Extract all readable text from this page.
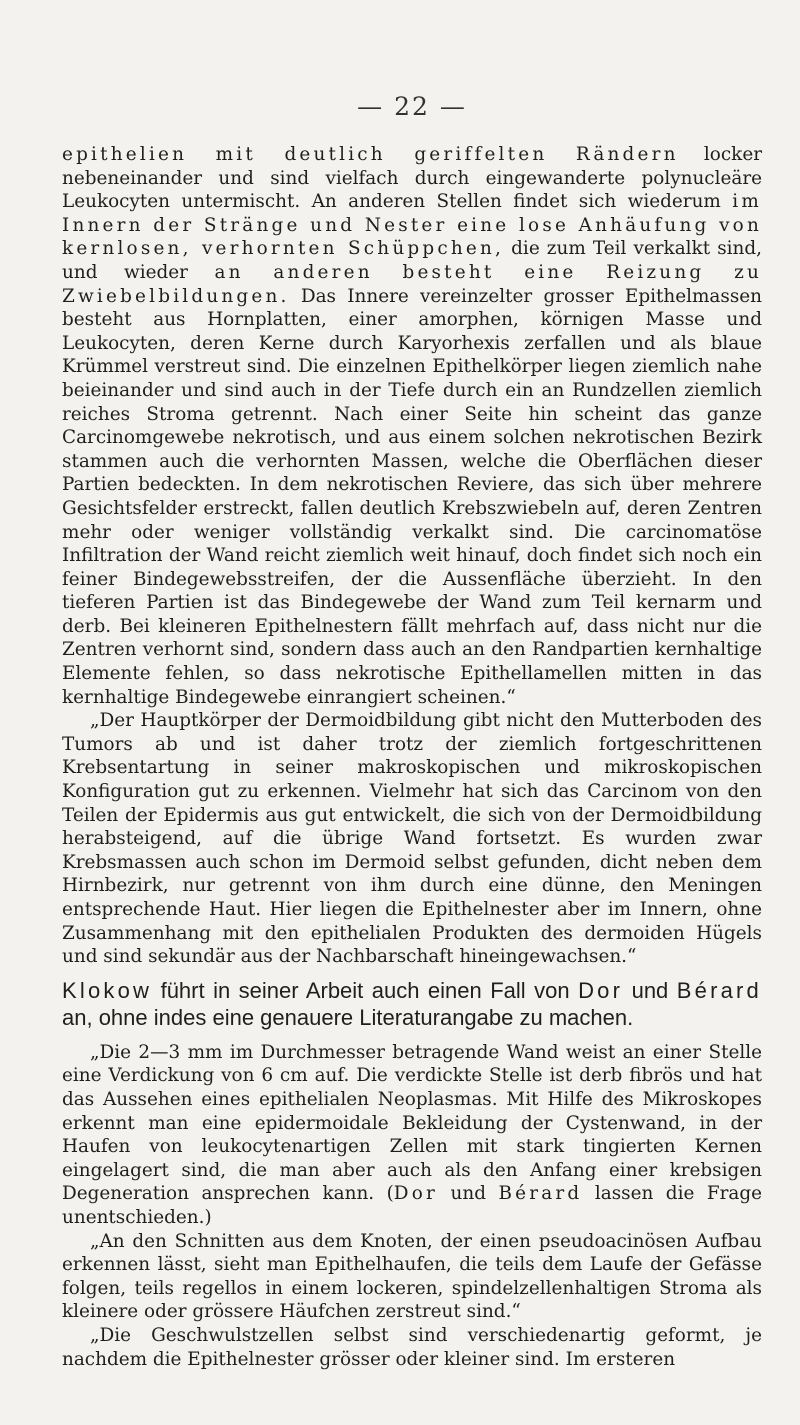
— 22 —

epithelien mit deutlich geriffelten Rändern locker nebeneinander und sind vielfach durch eingewanderte polynucleäre Leukocyten untermischt. An anderen Stellen findet sich wiederum im Innern der Stränge und Nester eine lose Anhäufung von kernlosen, verhornten Schüppchen, die zum Teil verkalkt sind, und wieder an anderen besteht eine Reizung zu Zwiebelbildungen. Das Innere vereinzelter grosser Epithelmassen besteht aus Hornplatten, einer amorphen, körnigen Masse und Leukocyten, deren Kerne durch Karyorhexis zerfallen und als blaue Krümmel verstreut sind. Die einzelnen Epithelkörper liegen ziemlich nahe beieinander und sind auch in der Tiefe durch ein an Rundzellen ziemlich reiches Stroma getrennt. Nach einer Seite hin scheint das ganze Carcinomgewebe nekrotisch, und aus einem solchen nekrotischen Bezirk stammen auch die verhornten Massen, welche die Oberflächen dieser Partien bedeckten. In dem nekrotischen Reviere, das sich über mehrere Gesichtsfelder erstreckt, fallen deutlich Krebszwiebeln auf, deren Zentren mehr oder weniger vollständig verkalkt sind. Die carcinomatöse Infiltration der Wand reicht ziemlich weit hinauf, doch findet sich noch ein feiner Bindegewebsstreifen, der die Aussenfläche überzieht. In den tieferen Partien ist das Bindegewebe der Wand zum Teil kernarm und derb. Bei kleineren Epithelnestern fällt mehrfach auf, dass nicht nur die Zentren verhornt sind, sondern dass auch an den Randpartien kernhaltige Elemente fehlen, so dass nekrotische Epithellamellen mitten in das kernhaltige Bindegewebe einrangiert scheinen.“

„Der Hauptkörper der Dermoidbildung gibt nicht den Mutterboden des Tumors ab und ist daher trotz der ziemlich fortgeschrittenen Krebsentartung in seiner makroskopischen und mikroskopischen Konfiguration gut zu erkennen. Vielmehr hat sich das Carcinom von den Teilen der Epidermis aus gut entwickelt, die sich von der Dermoidbildung herabsteigend, auf die übrige Wand fortsetzt. Es wurden zwar Krebsmassen auch schon im Dermoid selbst gefunden, dicht neben dem Hirnbezirk, nur getrennt von ihm durch eine dünne, den Meningen entsprechende Haut. Hier liegen die Epithelnester aber im Innern, ohne Zusammenhang mit den epithelialen Produkten des dermoiden Hügels und sind sekundär aus der Nachbarschaft hineingewachsen.“

Klokow führt in seiner Arbeit auch einen Fall von Dor und Bérard an, ohne indes eine genauere Literaturangabe zu machen.

„Die 2—3 mm im Durchmesser betragende Wand weist an einer Stelle eine Verdickung von 6 cm auf. Die verdickte Stelle ist derb fibrös und hat das Aussehen eines epithelialen Neoplasmas. Mit Hilfe des Mikroskopes erkennt man eine epidermoidale Bekleidung der Cystenwand, in der Haufen von leukocytenartigen Zellen mit stark tingierten Kernen eingelagert sind, die man aber auch als den Anfang einer krebsigen Degeneration ansprechen kann. (Dor und Bérard lassen die Frage unentschieden.)

„An den Schnitten aus dem Knoten, der einen pseudoacinösen Aufbau erkennen lässt, sieht man Epithelhaufen, die teils dem Laufe der Gefässe folgen, teils regellos in einem lockeren, spindelzellenhaltigen Stroma als kleinere oder grössere Häufchen zerstreut sind.“

„Die Geschwulstzellen selbst sind verschiedenartig geformt, je nachdem die Epithelnester grösser oder kleiner sind. Im ersteren
